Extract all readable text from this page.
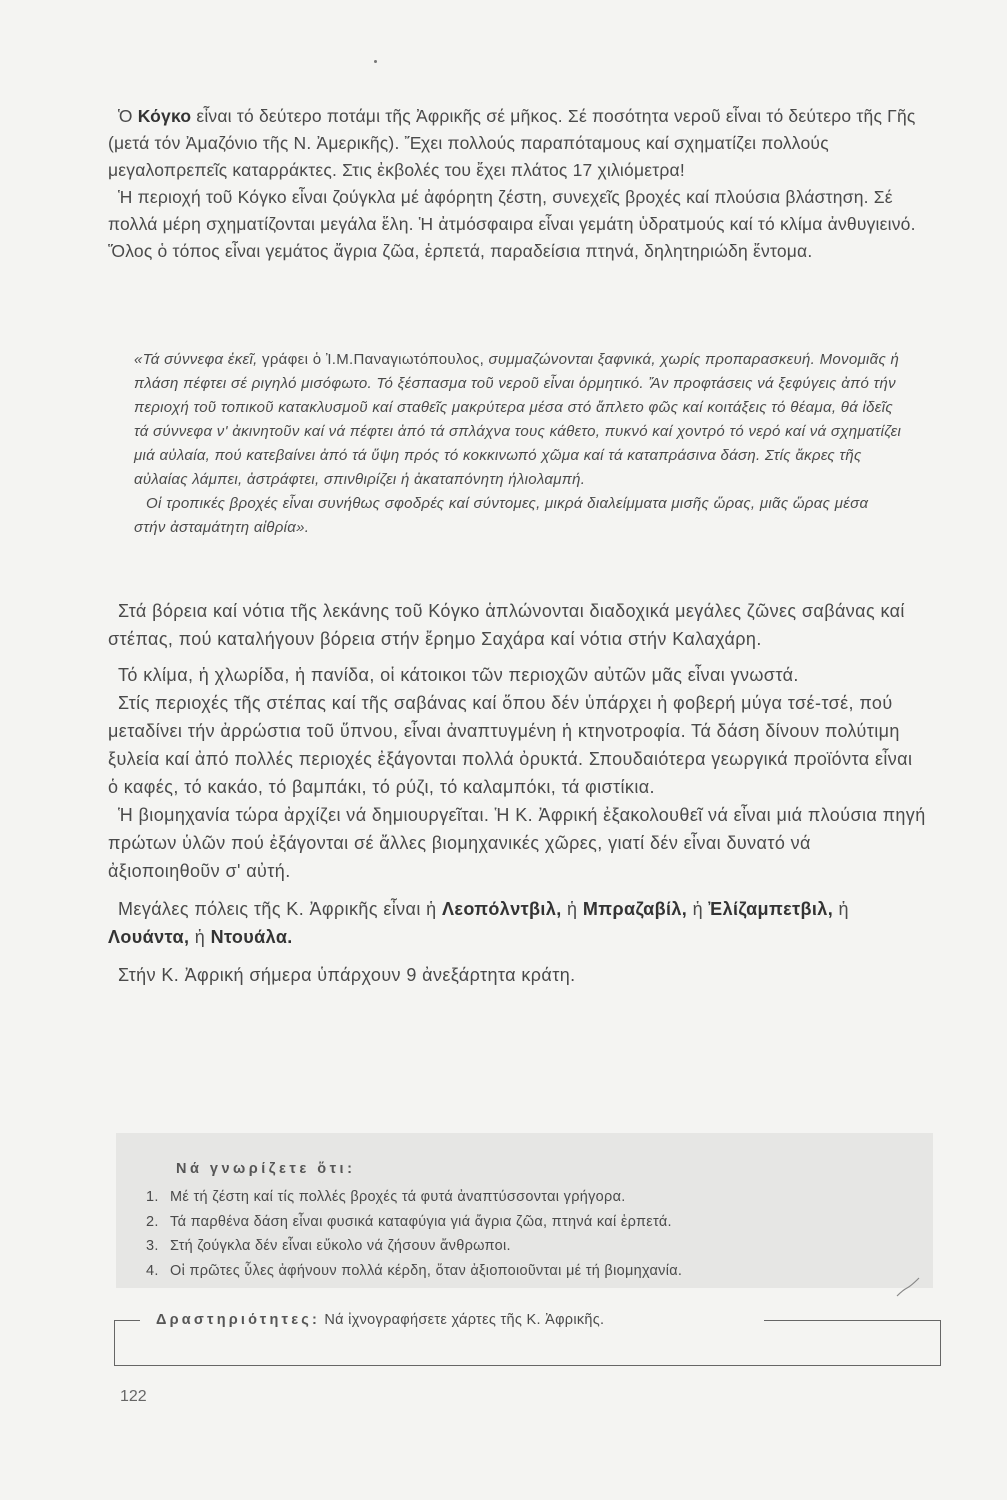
Ὁ Κόγκο εἶναι τό δεύτερο ποτάμι τῆς Ἀφρικῆς σέ μῆκος. Σέ ποσότητα νεροῦ εἶναι τό δεύτερο τῆς Γῆς (μετά τόν Ἀμαζόνιο τῆς Ν. Ἀμερικῆς). Ἔχει πολλούς παραπόταμους καί σχηματίζει πολλούς μεγαλοπρεπεῖς καταρράκτες. Στις ἐκβολές του ἔχει πλάτος 17 χιλιόμετρα!

Ἡ περιοχή τοῦ Κόγκο εἶναι ζούγκλα μέ ἀφόρητη ζέστη, συνεχεῖς βροχές καί πλούσια βλάστηση. Σέ πολλά μέρη σχηματίζονται μεγάλα ἕλη. Ἡ ἀτμόσφαιρα εἶναι γεμάτη ὑδρατμούς καί τό κλίμα ἀνθυγιεινό. Ὅλος ὁ τόπος εἶναι γεμάτος ἄγρια ζῶα, ἑρπετά, παραδείσια πτηνά, δηλητηριώδη ἔντομα.

«Τά σύννεφα ἐκεῖ, γράφει ὁ Ἰ.Μ.Παναγιωτόπουλος, συμμαζώνονται ξαφνικά, χωρίς προπαρασκευή. Μονομιᾶς ἡ πλάση πέφτει σέ ριγηλό μισόφωτο. Τό ξέσπασμα τοῦ νεροῦ εἶναι ὁρμητικό. Ἄν προφτάσεις νά ξεφύγεις ἀπό τήν περιοχή τοῦ τοπικοῦ κατακλυσμοῦ καί σταθεῖς μακρύτερα μέσα στό ἄπλετο φῶς καί κοιτάξεις τό θέαμα, θά ἰδεῖς τά σύννεφα ν' ἀκινητοῦν καί νά πέφτει ἀπό τά σπλάχνα τους κάθετο, πυκνό καί χοντρό τό νερό καί νά σχηματίζει μιά αὐλαία, πού κατεβαίνει ἀπό τά ὕψη πρός τό κοκκινωπό χῶμα καί τά καταπράσινα δάση. Στίς ἄκρες τῆς αὐλαίας λάμπει, ἀστράφτει, σπινθιρίζει ἡ ἀκαταπόνητη ἡλιολαμπή.

Οἱ τροπικές βροχές εἶναι συνήθως σφοδρές καί σύντομες, μικρά διαλείμματα μισῆς ὥρας, μιᾶς ὥρας μέσα στήν ἀσταμάτητη αἰθρία».

Στά βόρεια καί νότια τῆς λεκάνης τοῦ Κόγκο ἁπλώνονται διαδοχικά μεγάλες ζῶνες σαβάνας καί στέπας, πού καταλήγουν βόρεια στήν ἔρημο Σαχάρα καί νότια στήν Καλαχάρη.

Τό κλίμα, ἡ χλωρίδα, ἡ πανίδα, οἱ κάτοικοι τῶν περιοχῶν αὐτῶν μᾶς εἶναι γνωστά.

Στίς περιοχές τῆς στέπας καί τῆς σαβάνας καί ὅπου δέν ὑπάρχει ἡ φοβερή μύγα τσέ-τσέ, πού μεταδίνει τήν ἀρρώστια τοῦ ὕπνου, εἶναι ἀναπτυγμένη ἡ κτηνοτροφία. Τά δάση δίνουν πολύτιμη ξυλεία καί ἀπό πολλές περιοχές ἐξάγονται πολλά ὀρυκτά. Σπουδαιότερα γεωργικά προϊόντα εἶναι ὁ καφές, τό κακάο, τό βαμπάκι, τό ρύζι, τό καλαμπόκι, τά φιστίκια.

Ἡ βιομηχανία τώρα ἀρχίζει νά δημιουργεῖται. Ἡ Κ. Ἀφρική ἐξακολουθεῖ νά εἶναι μιά πλούσια πηγή πρώτων ὑλῶν πού ἐξάγονται σέ ἄλλες βιομηχανικές χῶρες, γιατί δέν εἶναι δυνατό νά ἀξιοποιηθοῦν σ' αὐτή.

Μεγάλες πόλεις τῆς Κ. Ἀφρικῆς εἶναι ἡ Λεοπόλντβιλ, ἡ Μπραζαβίλ, ἡ Ἐλίζαμπετβιλ, ἡ Λουάντα, ἡ Ντουάλα.

Στήν Κ. Ἀφρική σήμερα ὑπάρχουν 9 ἀνεξάρτητα κράτη.

Νά γνωρίζετε ὅτι:
1. Μέ τή ζέστη καί τίς πολλές βροχές τά φυτά ἀναπτύσσονται γρήγορα.
2. Τά παρθένα δάση εἶναι φυσικά καταφύγια γιά ἄγρια ζῶα, πτηνά καί ἑρπετά.
3. Στή ζούγκλα δέν εἶναι εὔκολο νά ζήσουν ἄνθρωποι.
4. Οἱ πρῶτες ὗλες ἀφήνουν πολλά κέρδη, ὅταν ἀξιοποιοῦνται μέ τή βιομηχανία.
Δραστηριότητες: Νά ἰχνογραφήσετε χάρτες τῆς Κ. Ἀφρικῆς.
122
